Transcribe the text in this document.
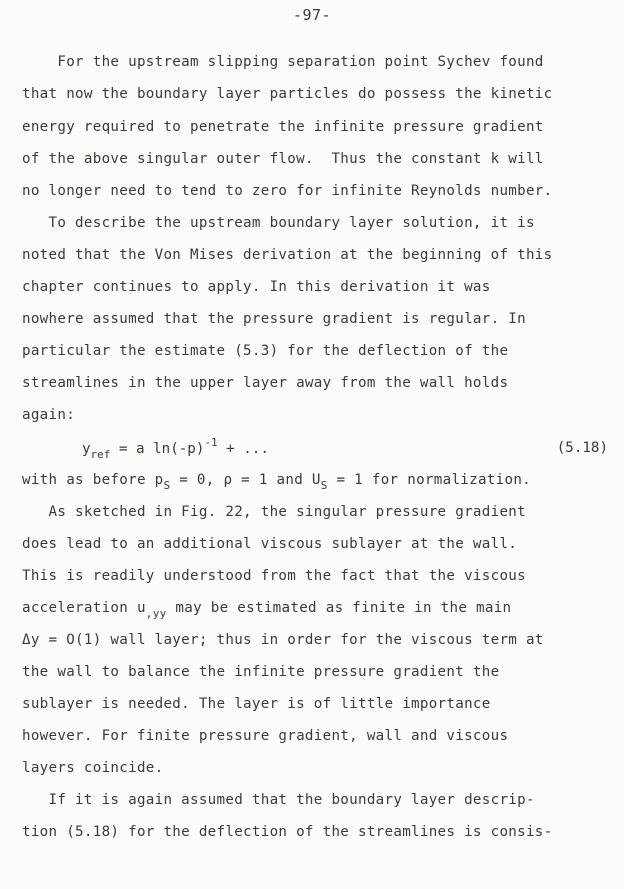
-97-
For the upstream slipping separation point Sychev found
that now the boundary layer particles do possess the kinetic
energy required to penetrate the infinite pressure gradient
of the above singular outer flow.  Thus the constant k will
no longer need to tend to zero for infinite Reynolds number.
To describe the upstream boundary layer solution, it is
noted that the Von Mises derivation at the beginning of this
chapter continues to apply. In this derivation it was
nowhere assumed that the pressure gradient is regular. In
particular the estimate (5.3) for the deflection of the
streamlines in the upper layer away from the wall holds
again:
$y_{ref} = a$ $\ln(-p)^{-1}$ + ...	(5.18)
with as before $p_S = 0$, ρ = 1 and $U_S = 1$ for normalization.
As sketched in Fig. 22, the singular pressure gradient
does lead to an additional viscous sublayer at the wall.
This is readily understood from the fact that the viscous
acceleration $u_{,yy}$ may be estimated as finite in the main
Δy = O(1) wall layer; thus in order for the viscous term at
the wall to balance the infinite pressure gradient the
sublayer is needed. The layer is of little importance
however. For finite pressure gradient, wall and viscous
layers coincide.
If it is again assumed that the boundary layer descrip-
tion (5.18) for the deflection of the streamlines is consis-
